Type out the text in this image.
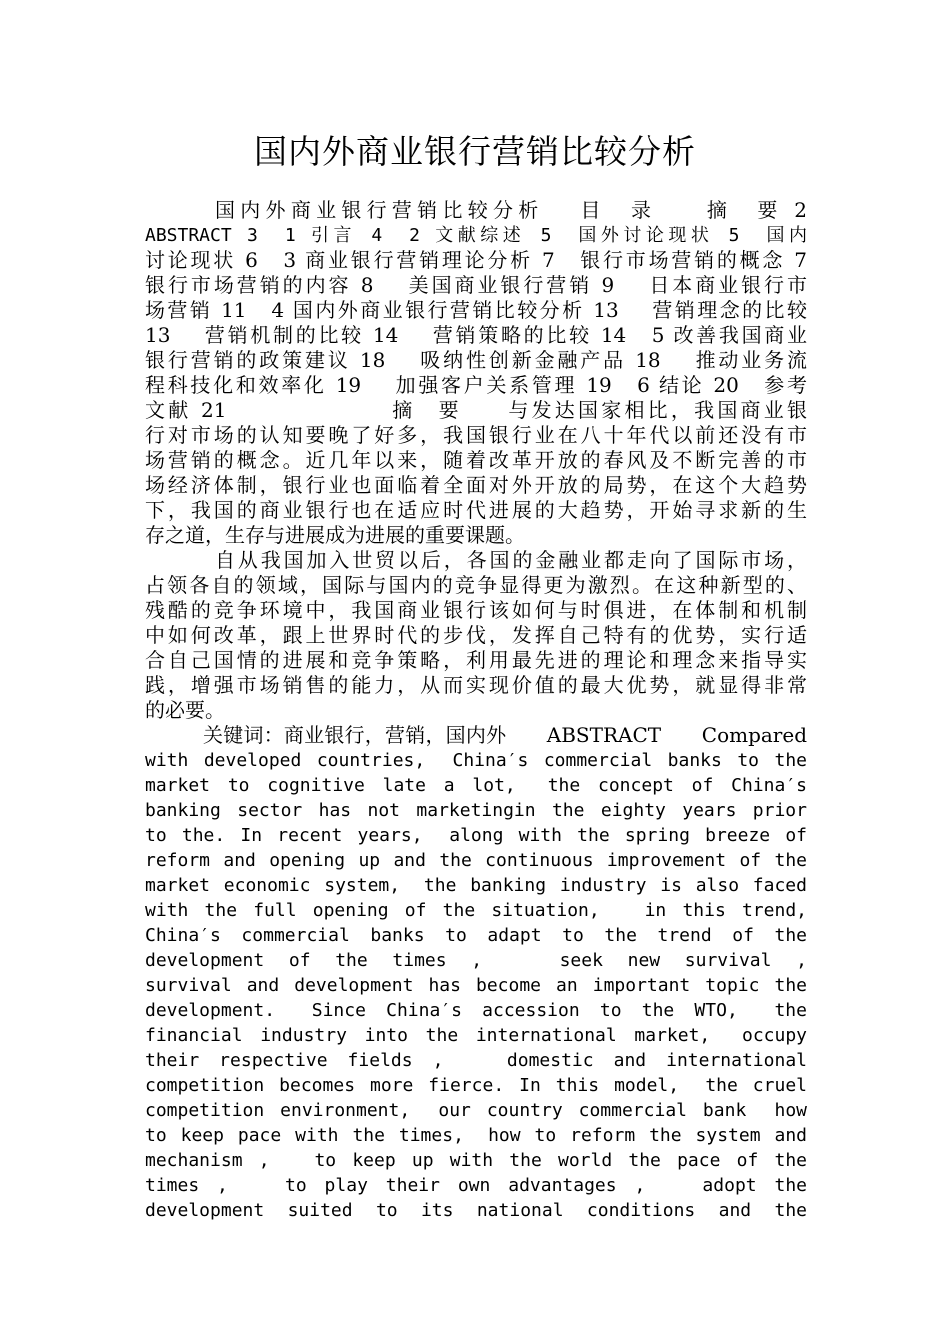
国内外商业银行营销比较分析
国内外商业银行营销比较分析　 目　录　　摘　要 2
ABSTRACT 3　1 引言 4　2 文献综述 5　国外讨论现状 5　国内
讨论现状 6　3 商业银行营销理论分析 7　银行市场营销的概念 7
银行市场营销的内容 8　 美国商业银行营销 9　 日本商业银行市
场营销 11　4 国内外商业银行营销比较分析 13　 营销理念的比较
13　 营销机制的比较 14　 营销策略的比较 14　5 改善我国商业
银行营销的政策建议 18　 吸纳性创新金融产品 18　 推动业务流
程科技化和效率化 19　 加强客户关系管理 19　6 结论 20　参考
文献 21　　　　　　　摘　要　　与发达国家相比，我国商业银
行对市场的认知要晚了好多，我国银行业在八十年代以前还没有市
场营销的概念。近几年以来，随着改革开放的春风及不断完善的市
场经济体制，银行业也面临着全面对外开放的局势，在这个大趋势
下，我国的商业银行也在适应时代进展的大趋势，开始寻求新的生
存之道，生存与进展成为进展的重要课题。
自从我国加入世贸以后，各国的金融业都走向了国际市场，
占领各自的领域，国际与国内的竞争显得更为激烈。在这种新型的、
残酷的竞争环境中，我国商业银行该如何与时俱进，在体制和机制
中如何改革，跟上世界时代的步伐，发挥自己特有的优势，实行适
合自己国情的进展和竞争策略，利用最先进的理论和理念来指导实
践，增强市场销售的能力，从而实现价值的最大优势，就显得非常
的必要。
关键词：商业银行，营销，国内外　　ABSTRACT　　Compared
with developed countries,　China′s commercial banks to the
market to cognitive late a lot,　the concept of China′s
banking sector has not marketingin the eighty years prior
to the. In recent years,　along with the spring breeze of
reform and opening up and the continuous improvement of the
market economic system,　the banking industry is also faced
with the full opening of the situation,　 in this trend,
China′s commercial banks to adapt to the trend of the
development of the times ,　　seek new survival ,
survival and development has become an important topic the
development.　Since China′s accession to the WTO,　the
financial industry into the international market,　occupy
their respective fields ,　　domestic and international
competition becomes more fierce. In this model,　the cruel
competition environment,　our country commercial bank　how
to keep pace with the times,　how to reform the system and
mechanism ,　 to keep up with the world the pace of the
times ,　　to play their own advantages ,　　adopt the
development suited to its national conditions and the
